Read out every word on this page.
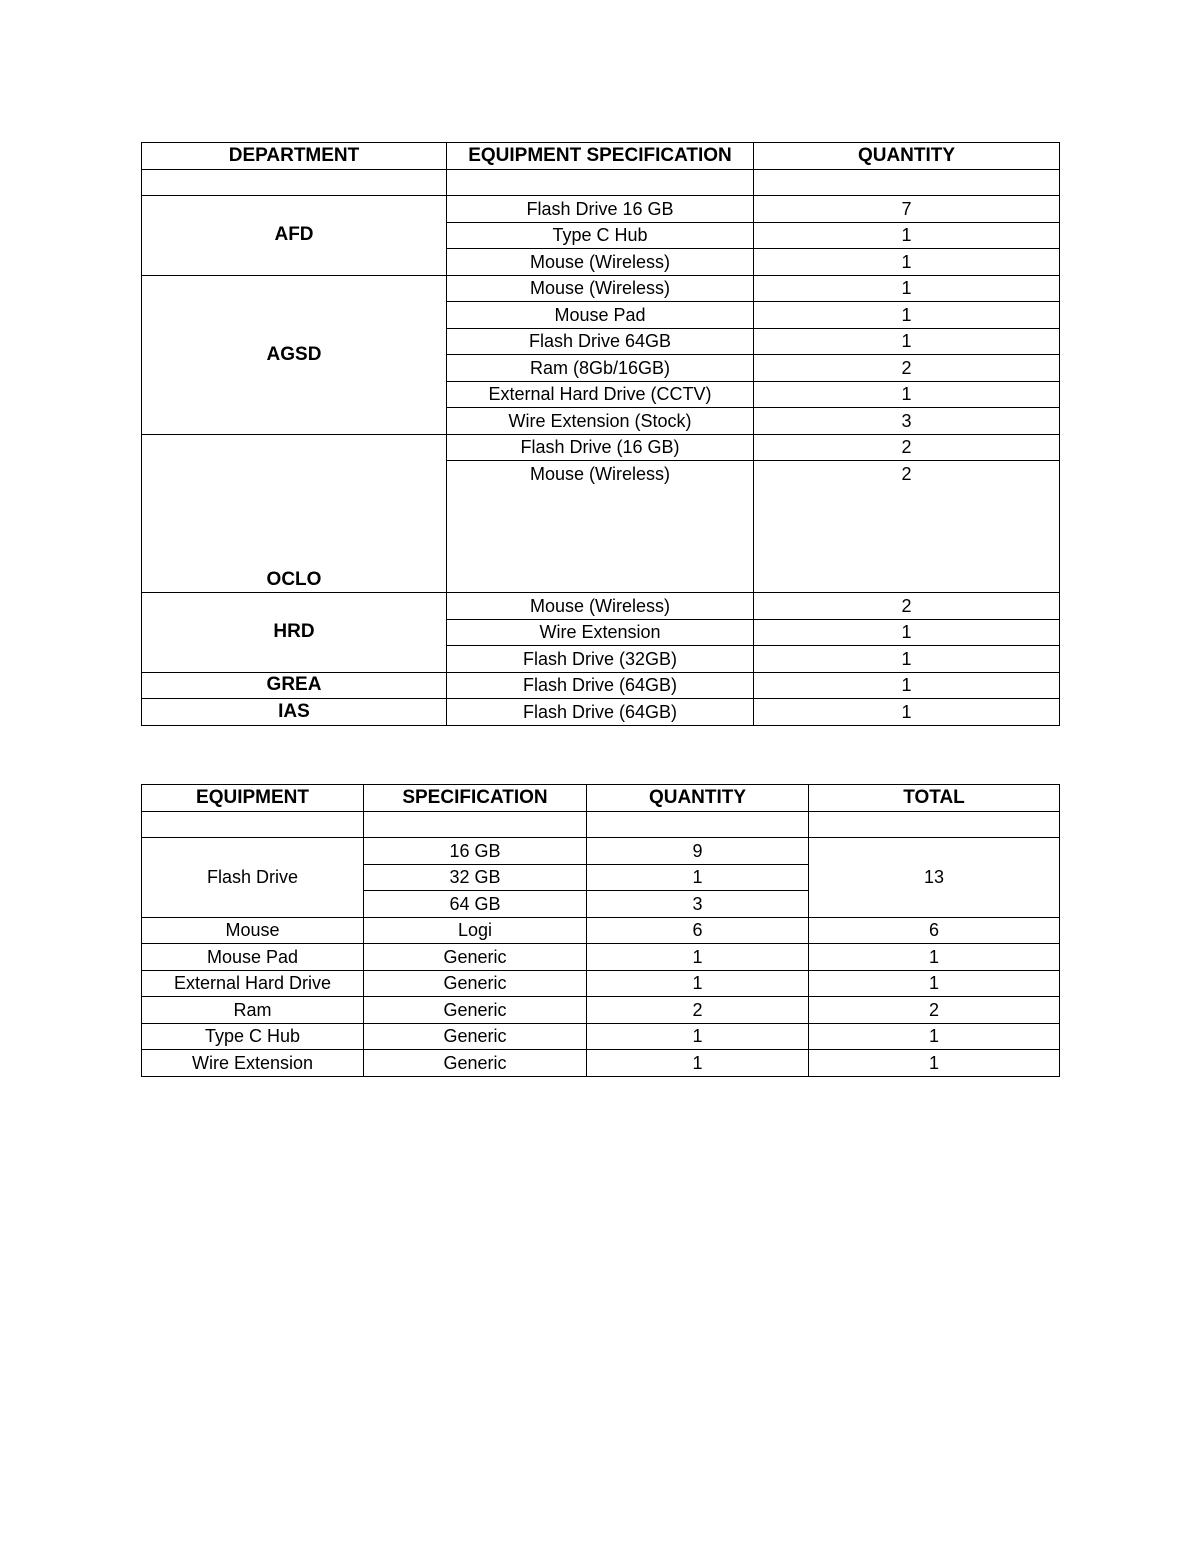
DEPARTMENT	EQUIPMENT SPECIFICATION	QUANTITY

AFD	Flash Drive 16 GB	7
	Type C Hub	1
	Mouse (Wireless)	1
AGSD	Mouse (Wireless)	1
	Mouse Pad	1
	Flash Drive 64GB	1
	Ram (8Gb/16GB)	2
	External Hard Drive (CCTV)	1
	Wire Extension (Stock)	3
OCLO	Flash Drive (16 GB)	2
	Mouse (Wireless)	2
HRD	Mouse (Wireless)	2
	Wire Extension	1
	Flash Drive (32GB)	1
GREA	Flash Drive (64GB)	1
IAS	Flash Drive (64GB)	1
EQUIPMENT	SPECIFICATION	QUANTITY	TOTAL

Flash Drive	16 GB	9	13
	32 GB	1	
	64 GB	3	
Mouse	Logi	6	6
Mouse Pad	Generic	1	1
External Hard Drive	Generic	1	1
Ram	Generic	2	2
Type C Hub	Generic	1	1
Wire Extension	Generic	1	1
